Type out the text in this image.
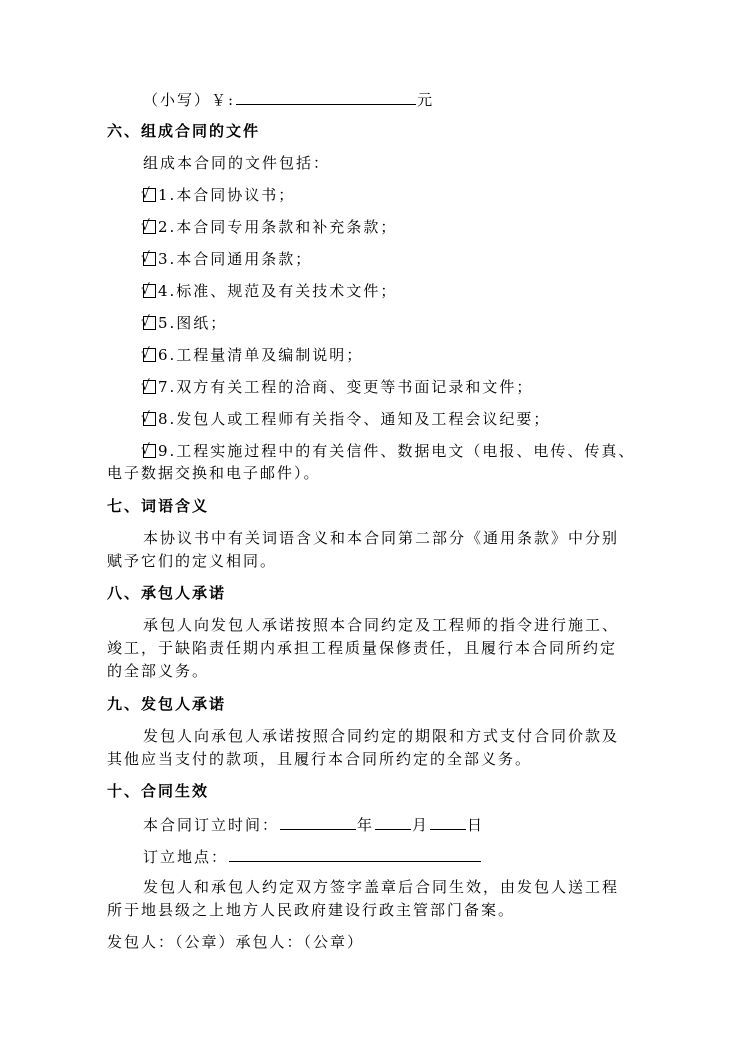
（小写）￥:	元
六、组成合同的文件
组成本合同的文件包括：
√ 1.本合同协议书；
√ 2.本合同专用条款和补充条款；
√ 3.本合同通用条款；
√ 4.标准、规范及有关技术文件；
√ 5.图纸；
√ 6.工程量清单及编制说明；
√ 7.双方有关工程的洽商、变更等书面记录和文件；
√ 8.发包人或工程师有关指令、通知及工程会议纪要；
√ 9.工程实施过程中的有关信件、数据电文（电报、电传、传真、
电子数据交换和电子邮件）。
七、词语含义
本协议书中有关词语含义和本合同第二部分《通用条款》中分别
赋予它们的定义相同。
八、承包人承诺
承包人向发包人承诺按照本合同约定及工程师的指令进行施工、
竣工，于缺陷责任期内承担工程质量保修责任，且履行本合同所约定
的全部义务。
九、发包人承诺
发包人向承包人承诺按照合同约定的期限和方式支付合同价款及
其他应当支付的款项，且履行本合同所约定的全部义务。
十、合同生效
本合同订立时间：	年	月	日
订立地点：
发包人和承包人约定双方签字盖章后合同生效，由发包人送工程
所于地县级之上地方人民政府建设行政主管部门备案。
发包人：（公章）承包人：（公章）
